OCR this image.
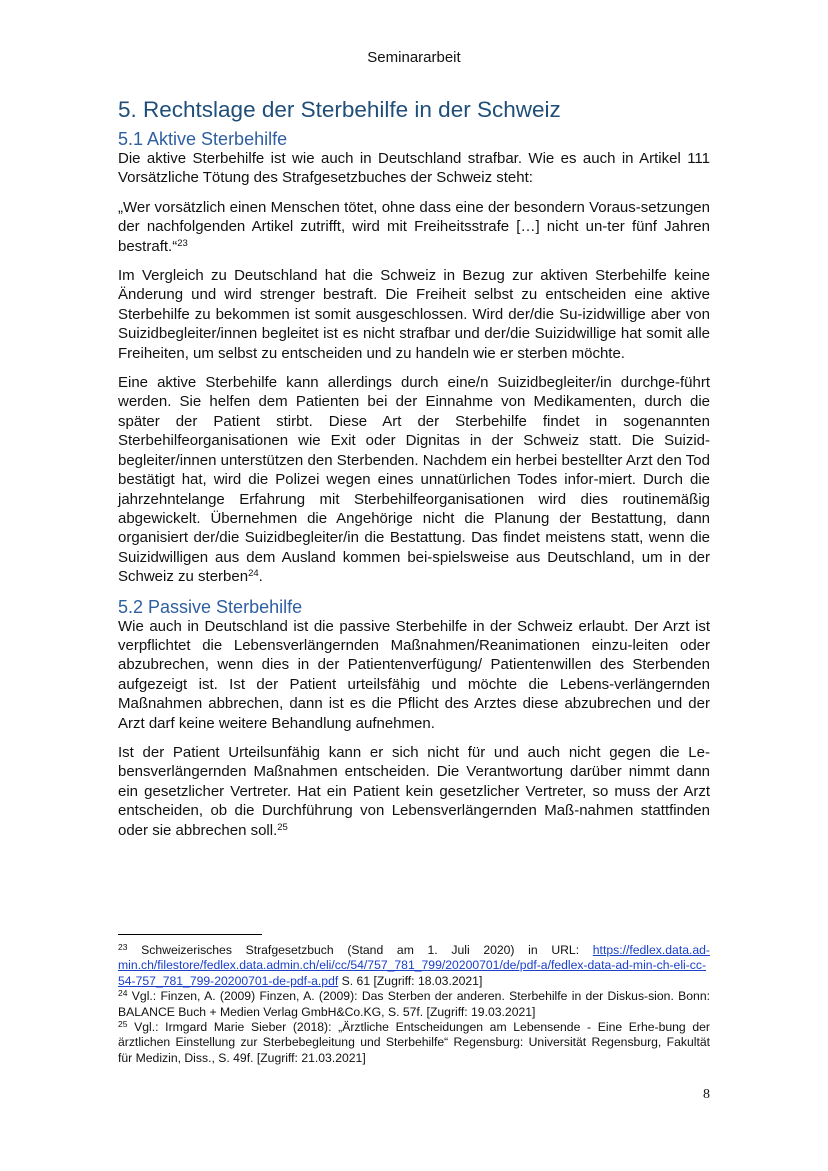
Seminararbeit
5. Rechtslage der Sterbehilfe in der Schweiz
5.1 Aktive Sterbehilfe

Die aktive Sterbehilfe ist wie auch in Deutschland strafbar. Wie es auch in Artikel 111 Vorsätzliche Tötung des Strafgesetzbuches der Schweiz steht:

„Wer vorsätzlich einen Menschen tötet, ohne dass eine der besondern Voraus-setzungen der nachfolgenden Artikel zutrifft, wird mit Freiheitsstrafe […] nicht un-ter fünf Jahren bestraft.“$^{23}$

Im Vergleich zu Deutschland hat die Schweiz in Bezug zur aktiven Sterbehilfe keine Änderung und wird strenger bestraft. Die Freiheit selbst zu entscheiden eine aktive Sterbehilfe zu bekommen ist somit ausgeschlossen. Wird der/die Su-izidwillige aber von Suizidbegleiter/innen begleitet ist es nicht strafbar und der/die Suizidwillige hat somit alle Freiheiten, um selbst zu entscheiden und zu handeln wie er sterben möchte.

Eine aktive Sterbehilfe kann allerdings durch eine/n Suizidbegleiter/in durchge-führt werden. Sie helfen dem Patienten bei der Einnahme von Medikamenten, durch die später der Patient stirbt. Diese Art der Sterbehilfe findet in sogenannten Sterbehilfeorganisationen wie Exit oder Dignitas in der Schweiz statt. Die Suizid-begleiter/innen unterstützen den Sterbenden. Nachdem ein herbei bestellter Arzt den Tod bestätigt hat, wird die Polizei wegen eines unnatürlichen Todes infor-miert. Durch die jahrzehntelange Erfahrung mit Sterbehilfeorganisationen wird dies routinemäßig abgewickelt. Übernehmen die Angehörige nicht die Planung der Bestattung, dann organisiert der/die Suizidbegleiter/in die Bestattung. Das findet meistens statt, wenn die Suizidwilligen aus dem Ausland kommen bei-spielsweise aus Deutschland, um in der Schweiz zu sterben$^{24}$.

5.2 Passive Sterbehilfe

Wie auch in Deutschland ist die passive Sterbehilfe in der Schweiz erlaubt. Der Arzt ist verpflichtet die Lebensverlängernden Maßnahmen/Reanimationen einzu-leiten oder abzubrechen, wenn dies in der Patientenverfügung/ Patientenwillen des Sterbenden aufgezeigt ist. Ist der Patient urteilsfähig und möchte die Lebens-verlängernden Maßnahmen abbrechen, dann ist es die Pflicht des Arztes diese abzubrechen und der Arzt darf keine weitere Behandlung aufnehmen.

Ist der Patient Urteilsunfähig kann er sich nicht für und auch nicht gegen die Le-bensverlängernden Maßnahmen entscheiden. Die Verantwortung darüber nimmt dann ein gesetzlicher Vertreter. Hat ein Patient kein gesetzlicher Vertreter, so muss der Arzt entscheiden, ob die Durchführung von Lebensverlängernden Maß-nahmen stattfinden oder sie abbrechen soll.$^{25}$

$^{23}$ Schweizerisches Strafgesetzbuch (Stand am 1. Juli 2020) in URL: https://fedlex.data.ad-min.ch/filestore/fedlex.data.admin.ch/eli/cc/54/757_781_799/20200701/de/pdf-a/fedlex-data-ad-min-ch-eli-cc-54-757_781_799-20200701-de-pdf-a.pdf S. 61 [Zugriff: 18.03.2021]

$^{24}$ Vgl.: Finzen, A. (2009) Finzen, A. (2009): Das Sterben der anderen. Sterbehilfe in der Diskus-sion. Bonn: BALANCE Buch + Medien Verlag GmbH&Co.KG, S. 57f. [Zugriff: 19.03.2021]

$^{25}$ Vgl.: Irmgard Marie Sieber (2018): „Ärztliche Entscheidungen am Lebensende - Eine Erhe-bung der ärztlichen Einstellung zur Sterbebegleitung und Sterbehilfe“ Regensburg: Universität Regensburg, Fakultät für Medizin, Diss., S. 49f. [Zugriff: 21.03.2021]

8
